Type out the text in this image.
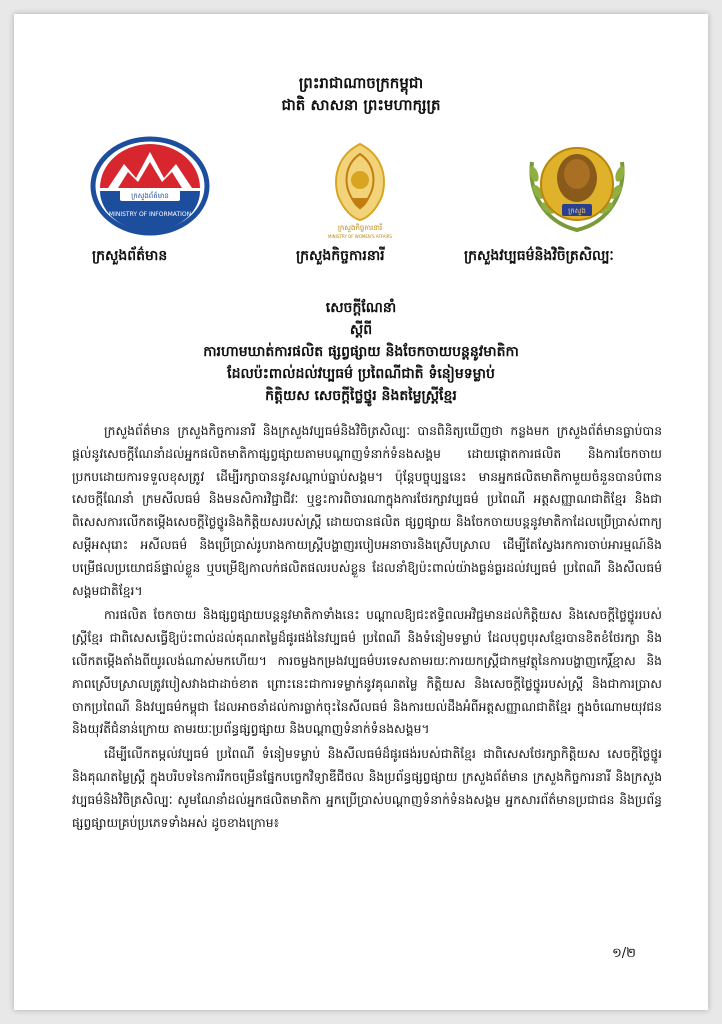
ព្រះរាជាណាចក្រកម្ពុជា
ជាតិ សាសនា ព្រះមហាក្សត្រ
ក្រសួងព័ត៌មាន
MINISTRY OF INFORMATION
ក្រសួងកិច្ចការនារី
MINISTRY OF WOMEN'S AFFAIRS
ក្រសួង
ក្រសួងព័ត៌មាន	ក្រសួងកិច្ចការនារី	ក្រសួងវប្បធម៌និងវិចិត្រសិល្បៈ
សេចក្តីណែនាំ
ស្តីពី
ការហាមឃាត់ការផលិត ផ្សព្វផ្សាយ និងចែកចាយបន្តនូវមាតិកា
ដែលប៉ះពាល់ដល់វប្បធម៌ ប្រពៃណីជាតិ ទំនៀមទម្លាប់
កិត្តិយស សេចក្តីថ្លៃថ្នូរ និងតម្លៃស្ត្រីខ្មែរ

ក្រសួងព័ត៌មាន ក្រសួងកិច្ចការនារី និងក្រសួងវប្បធម៌និងវិចិត្រសិល្បៈ បានពិនិត្យឃើញថា កន្លងមក ក្រសួងព័ត៌មានធ្លាប់បានផ្តល់នូវសេចក្តីណែនាំដល់អ្នកផលិតមាតិកាផ្សព្វផ្សាយតាមបណ្តាញទំនាក់ទំនងសង្គម ដោយផ្តោតការផលិត និងការចែកចាយប្រកបដោយការទទួលខុសត្រូវ ដើម្បីរក្សាបាននូវសណ្តាប់ធ្នាប់សង្គម។ ប៉ុន្តែបច្ចុប្បន្ននេះ មានអ្នកផលិតមាតិកាមួយចំនួនបានបំពានសេចក្តីណែនាំ ក្រមសីលធម៌ និងមនសិការវិជ្ជាជីវៈ ឬខ្វះការពិចារណាក្នុងការថែរក្សាវប្បធម៌ ប្រពៃណី អត្តសញ្ញាណជាតិខ្មែរ និងជាពិសេសការលើកតម្កើងសេចក្តីថ្លៃថ្នូរនិងកិត្តិយសរបស់ស្ត្រី ដោយបានផលិត ផ្សព្វផ្សាយ និងចែកចាយបន្តនូវមាតិកាដែលប្រើប្រាស់ពាក្យសម្តីអសុរោះ អសីលធម៌ និងប្រើប្រាស់រូបរាងកាយស្ត្រីបង្ហាញរបៀបអនាចារនិងស្រើបស្រាល ដើម្បីតែស្វែងរកការចាប់អារម្មណ៍និងបម្រើផលប្រយោជន៍ផ្ទាល់ខ្លួន ឬបម្រើឱ្យកាលក់ផលិតផលរបស់ខ្លួន ដែលនាំឱ្យប៉ះពាល់យ៉ាងធ្ងន់ធ្ងរដល់វប្បធម៌ ប្រពៃណី និងសីលធម៌សង្គមជាតិខ្មែរ។

ការផលិត ចែកចាយ និងផ្សព្វផ្សាយបន្តនូវមាតិកាទាំងនេះ បណ្តាលឱ្យជះឥទ្ធិពលអវិជ្ជមានដល់កិត្តិយស និងសេចក្តីថ្លៃថ្នូររបស់ស្ត្រីខ្មែរ ជាពិសេសធ្វើឱ្យប៉ះពាល់ដល់គុណតម្លៃដ៏ផូរផង់នៃវប្បធម៌ ប្រពៃណី និងទំនៀមទម្លាប់ ដែលបុព្វបុរសខ្មែរបានខិតខំថែរក្សា និងលើកតម្កើងតាំងពីយូរលង់ណាស់មកហើយ។ ការចម្លងកម្រងវប្បធម៌បរទេសតាមរយៈការយកស្ត្រីជាកម្មវត្ថុនៃការបង្ហាញកេរ្តិ៍ខ្មាស និងភាពស្រើបស្រាលត្រូវបៀសវាងជាដាច់ខាត ព្រោះនេះជាការទម្លាក់នូវគុណតម្លៃ កិត្តិយស និងសេចក្តីថ្លៃថ្នូររបស់ស្ត្រី និងជាការប្រាសចាកប្រពៃណី និងវប្បធម៌កម្ពុជា ដែលអាចនាំដល់ការធ្លាក់ចុះនៃសីលធម៌ និងការយល់ដឹងអំពីអត្តសញ្ញាណជាតិខ្មែរ ក្នុងចំណោមយុវជននិងយុវតីជំនាន់ក្រោយ តាមរយៈប្រព័ន្ធផ្សព្វផ្សាយ និងបណ្តាញទំនាក់ទំនងសង្គម។

ដើម្បីលើកតម្កល់វប្បធម៌ ប្រពៃណី ទំនៀមទម្លាប់ និងសីលធម៌ដ៏ផូរផង់របស់ជាតិខ្មែរ ជាពិសេសថែរក្សាកិត្តិយស សេចក្តីថ្លៃថ្នូរ និងគុណតម្លៃស្ត្រី ក្នុងបរិបទនៃការរីកចម្រើនផ្នែកបច្ចេកវិទ្យាឌីជីថល និងប្រព័ន្ធផ្សព្វផ្សាយ ក្រសួងព័ត៌មាន ក្រសួងកិច្ចការនារី និងក្រសួងវប្បធម៌និងវិចិត្រសិល្បៈ សូមណែនាំដល់អ្នកផលិតមាតិកា អ្នកប្រើប្រាស់បណ្តាញទំនាក់ទំនងសង្គម អ្នកសារព័ត៌មានប្រជាជន និងប្រព័ន្ធផ្សព្វផ្សាយគ្រប់ប្រភេទទាំងអស់ ដូចខាងក្រោម៖

១/២
